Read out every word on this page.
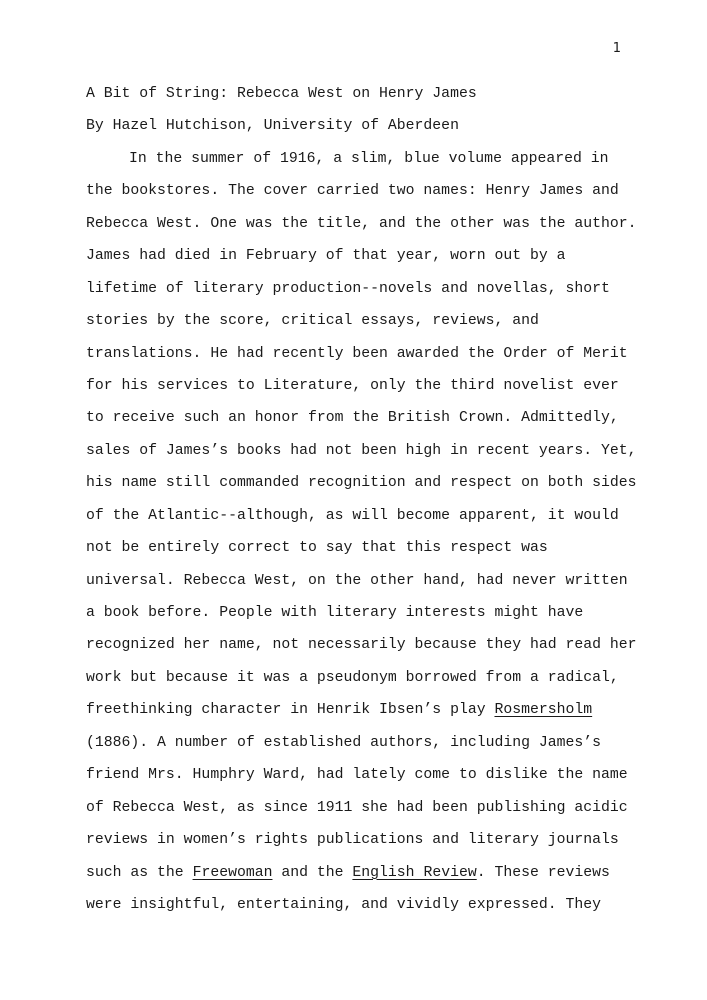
1
A Bit of String: Rebecca West on Henry James
By Hazel Hutchison, University of Aberdeen
In the summer of 1916, a slim, blue volume appeared in
the bookstores. The cover carried two names: Henry James and
Rebecca West. One was the title, and the other was the author.
James had died in February of that year, worn out by a
lifetime of literary production--novels and novellas, short
stories by the score, critical essays, reviews, and
translations. He had recently been awarded the Order of Merit
for his services to Literature, only the third novelist ever
to receive such an honor from the British Crown. Admittedly,
sales of James’s books had not been high in recent years. Yet,
his name still commanded recognition and respect on both sides
of the Atlantic--although, as will become apparent, it would
not be entirely correct to say that this respect was
universal. Rebecca West, on the other hand, had never written
a book before. People with literary interests might have
recognized her name, not necessarily because they had read her
work but because it was a pseudonym borrowed from a radical,
freethinking character in Henrik Ibsen’s play Rosmersholm
(1886). A number of established authors, including James’s
friend Mrs. Humphry Ward, had lately come to dislike the name
of Rebecca West, as since 1911 she had been publishing acidic
reviews in women’s rights publications and literary journals
such as the Freewoman and the English Review. These reviews
were insightful, entertaining, and vividly expressed. They
